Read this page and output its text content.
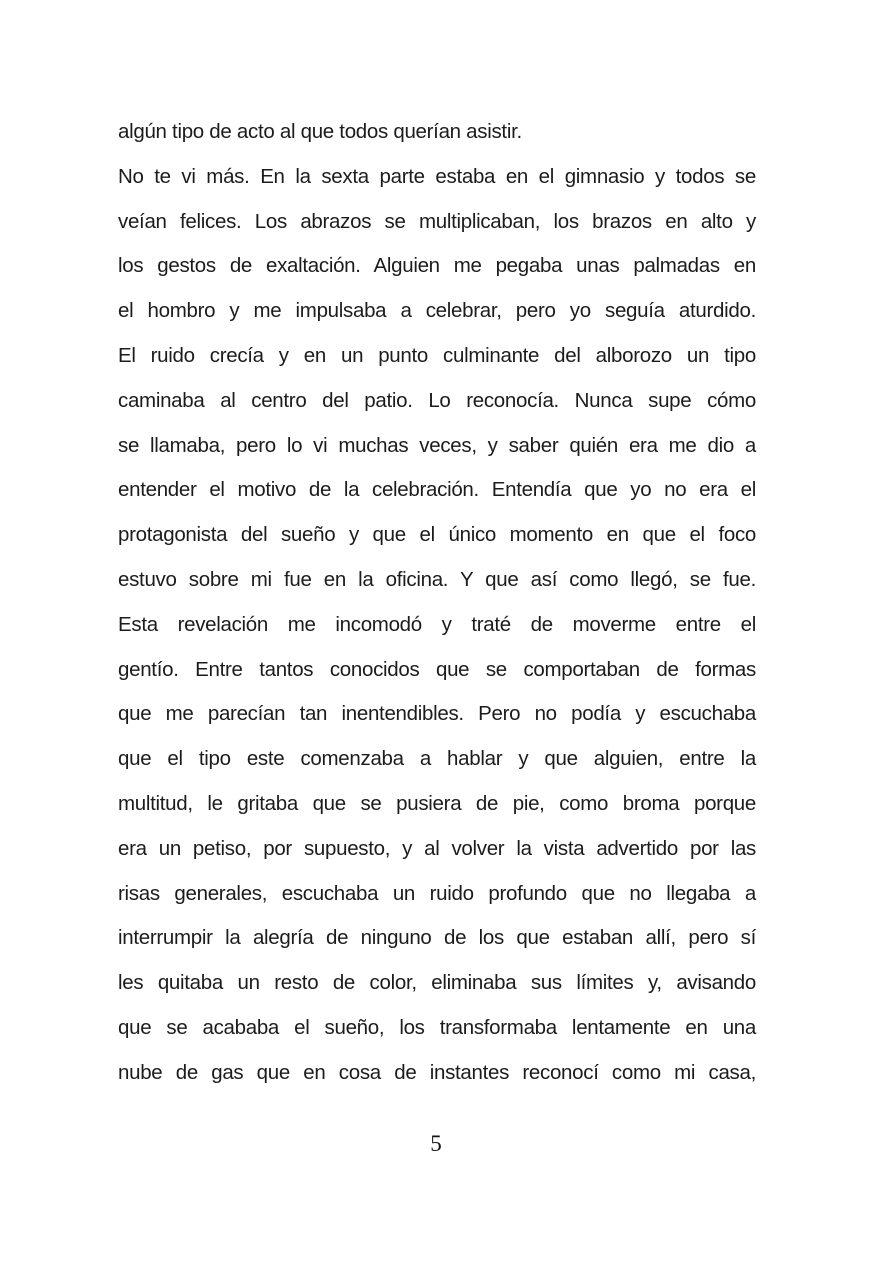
algún tipo de acto al que todos querían asistir.

No te vi más. En la sexta parte estaba en el gimnasio y todos se
veían felices. Los abrazos se multiplicaban, los brazos en alto y
los gestos de exaltación. Alguien me pegaba unas palmadas en
el hombro y me impulsaba a celebrar, pero yo seguía aturdido.
El ruido crecía y en un punto culminante del alborozo un tipo
caminaba al centro del patio. Lo reconocía. Nunca supe cómo
se llamaba, pero lo vi muchas veces, y saber quién era me dio a
entender el motivo de la celebración. Entendía que yo no era el
protagonista del sueño y que el único momento en que el foco
estuvo sobre mi fue en la oficina. Y que así como llegó, se fue.
Esta revelación me incomodó y traté de moverme entre el
gentío. Entre tantos conocidos que se comportaban de formas
que me parecían tan inentendibles. Pero no podía y escuchaba
que el tipo este comenzaba a hablar y que alguien, entre la
multitud, le gritaba que se pusiera de pie, como broma porque
era un petiso, por supuesto, y al volver la vista advertido por las
risas generales, escuchaba un ruido profundo que no llegaba a
interrumpir la alegría de ninguno de los que estaban allí, pero sí
les quitaba un resto de color, eliminaba sus límites y, avisando
que se acababa el sueño, los transformaba lentamente en una
nube de gas que en cosa de instantes reconocí como mi casa,

5
